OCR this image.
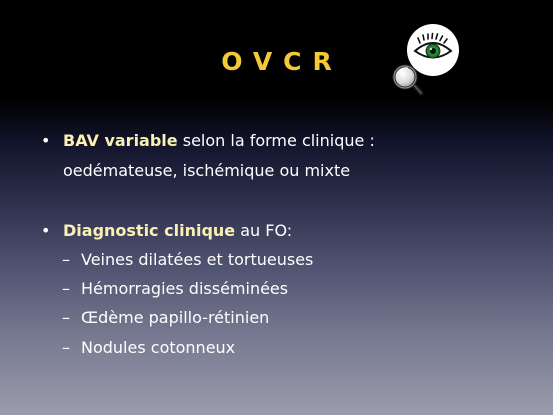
OVCR
• BAV variable selon la forme clinique :
oedémateuse, ischémique ou mixte
• Diagnostic clinique au FO:
– Veines dilatées et tortueuses
– Hémorragies disséminées
– Œdème papillo-rétinien
– Nodules cotonneux
